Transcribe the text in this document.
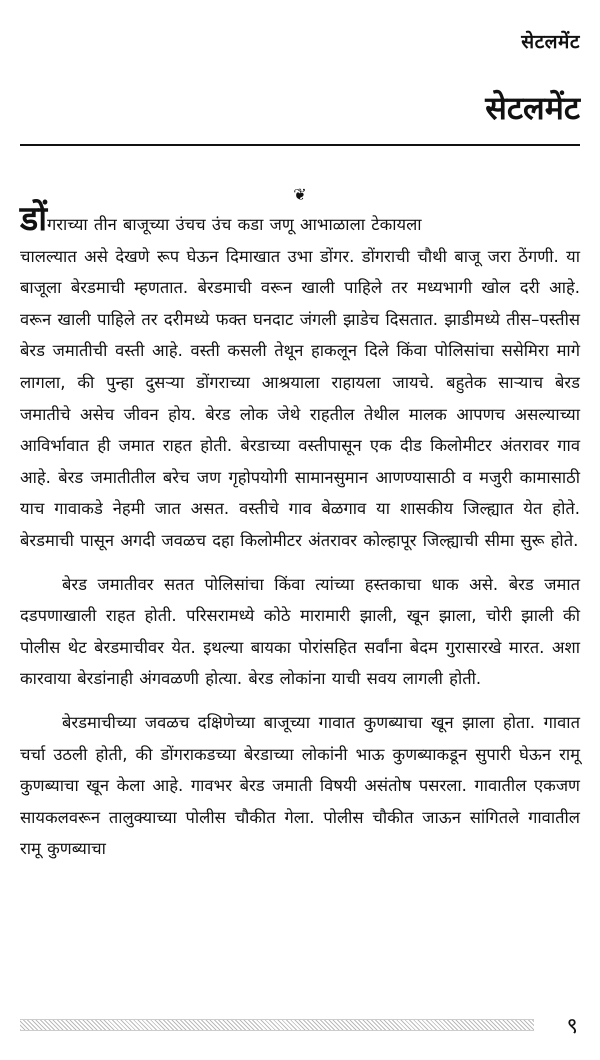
सेटलमेंट
सेटलमेंट
❦

डोंगराच्या तीन बाजूच्या उंचच उंच कडा जणू आभाळाला टेकायला

चालल्यात असे देखणे रूप घेऊन दिमाखात उभा डोंगर. डोंगराची चौथी बाजू जरा ठेंगणी. या बाजूला बेरडमाची म्हणतात. बेरडमाची वरून खाली पाहिले तर मध्यभागी खोल दरी आहे. वरून खाली पाहिले तर दरीमध्ये फक्त घनदाट जंगली झाडेच दिसतात. झाडीमध्ये तीस–पस्तीस बेरड जमातीची वस्ती आहे. वस्ती कसली तेथून हाकलून दिले किंवा पोलिसांचा ससेमिरा मागे लागला, की पुन्हा दुसऱ्या डोंगराच्या आश्रयाला राहायला जायचे. बहुतेक साऱ्याच बेरड जमातीचे असेच जीवन होय. बेरड लोक जेथे राहतील तेथील मालक आपणच असल्याच्या आविर्भावात ही जमात राहत होती. बेरडाच्या वस्तीपासून एक दीड किलोमीटर अंतरावर गाव आहे. बेरड जमातीतील बरेच जण गृहोपयोगी सामानसुमान आणण्यासाठी व मजुरी कामासाठी याच गावाकडे नेहमी जात असत. वस्तीचे गाव बेळगाव या शासकीय जिल्ह्यात येत होते. बेरडमाची पासून अगदी जवळच दहा किलोमीटर अंतरावर कोल्हापूर जिल्ह्याची सीमा सुरू होते.

बेरड जमातीवर सतत पोलिसांचा किंवा त्यांच्या हस्तकाचा धाक असे. बेरड जमात दडपणाखाली राहत होती. परिसरामध्ये कोठे मारामारी झाली, खून झाला, चोरी झाली की पोलीस थेट बेरडमाचीवर येत. इथल्या बायका पोरांसहित सर्वांना बेदम गुरासारखे मारत. अशा कारवाया बेरडांनाही अंगवळणी होत्या. बेरड लोकांना याची सवय लागली होती.

बेरडमाचीच्या जवळच दक्षिणेच्या बाजूच्या गावात कुणब्याचा खून झाला होता. गावात चर्चा उठली होती, की डोंगराकडच्या बेरडाच्या लोकांनी भाऊ कुणब्याकडून सुपारी घेऊन रामू कुणब्याचा खून केला आहे. गावभर बेरड जमाती विषयी असंतोष पसरला. गावातील एकजण सायकलवरून तालुक्याच्या पोलीस चौकीत गेला. पोलीस चौकीत जाऊन सांगितले गावातील रामू कुणब्याचा

९
